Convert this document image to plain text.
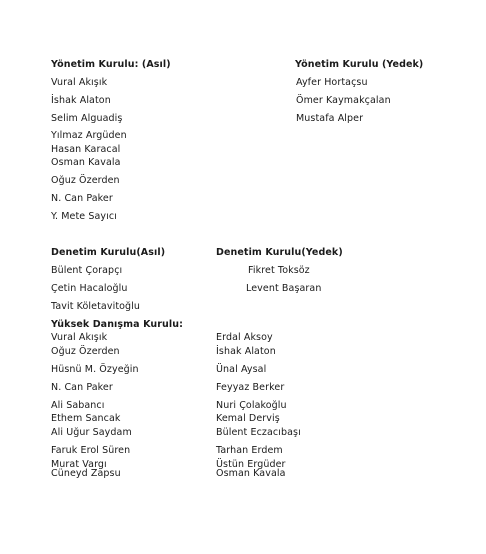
Yönetim Kurulu: (Asıl)
Vural Akışık
İshak Alaton
Selim Alguadiş
Yılmaz Argüden
Hasan Karacal
Osman Kavala
Oğuz Özerden
N. Can Paker
Y. Mete Sayıcı
Yönetim Kurulu (Yedek)
Ayfer Hortaçsu
Ömer Kaymakçalan
Mustafa Alper
Denetim Kurulu(Asıl)
Bülent Çorapçı
Çetin Hacaloğlu
Tavit Köletavitoğlu
Denetim Kurulu(Yedek)
Fikret Toksöz
Levent Başaran
Yüksek Danışma Kurulu:
Vural Akışık
Oğuz Özerden
Hüsnü M. Özyeğin
N. Can Paker
Ali Sabancı
Ethem Sancak
Ali Uğur Saydam
Faruk Erol Süren
Murat Vargı
Cüneyd Zapsu
Erdal Aksoy
İshak Alaton
Ünal Aysal
Feyyaz Berker
Nuri Çolakoğlu
Kemal Derviş
Bülent Eczacıbaşı
Tarhan Erdem
Üstün Ergüder
Osman Kavala
